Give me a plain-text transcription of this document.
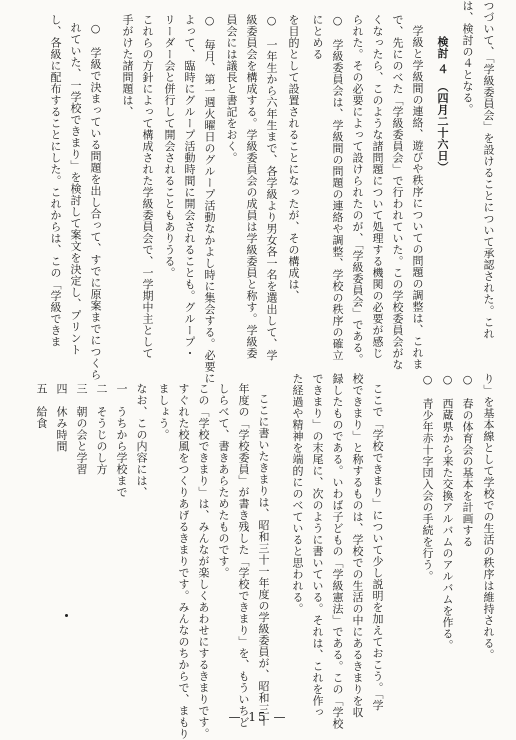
つづいて、「学級委員会」を設けることについて承認された。これ
は、検討の４となる。
検討 ４　（四月二十六日）
学級と学級間の連絡、遊びや秩序についての問題の調整は、これま
で、先にのべた「学級委員会」で行われていた。この学校委員会がな
くなったら、このような諸問題について処理する機関の必要が感じ
られた。その必要によって設けられたのが、「学級委員会」である。
○　学級委員会は、学級間の問題の連絡や調整、学校の秩序の確立
にとめる
を目的として設置されることになったが、その構成は、
○　一年生から六年生まで、各学級より男女各一名を選出して、学
級委員会を構成する。学級委員会の成員は学級委員と称す。学級委
員会には議長と書記をおく。
○　毎月、第一週火曜日のグループ活動なかよし時に集会する。必要に
よって、臨時にグループ活動時間に開会されることも。グループ・
リーダー会と併行して開会されることもありうる。
これらの方針によって構成された学級委員会で、一学期中主として
手がけた諸問題は、
○　学級で決まっている問題を出し合って、すでに原案までにつくら
れていた、一学校できまり」を検討して案文を決定し、プリント
し、各級に配布することにした。これからは、この「学級できま
り」を基本線として学校での生活の秩序は維持される。
○　春の体育会の基本を計画する
○　西蔵県から来た交換アルバムのアルバムを作る。
○　青少年赤十字団入会の手続を行う。
ここで「学校できまり」について少し説明を加えておこう。「学
校できまり」と称するものは、学校での生活の中にあるきまりを収
録したものである。いわば子どもの「学級憲法」である。この「学校
できまり」の末尾に、次のように書いている。それは、これを作っ
た経過や精神を端的にのべていると思われる。
ここに書いたきまりは、昭和三十一年度の学級委員が、昭和三十
年度の「学校委員」が書き残した「学校できまり」を、もういちど
しらべて、書きあらためたものです。
この「学校できまり」は、みんなが楽しくあわせにするきまりです。
すぐれた校風をつくりあげるきまりです。みんなのちからで、まもり
ましょう。
なお、この内容には、
一　うちから学校まで
二　そうじのし方
三　朝の会と学習
四　休み時間
五　給食
— 15 —
